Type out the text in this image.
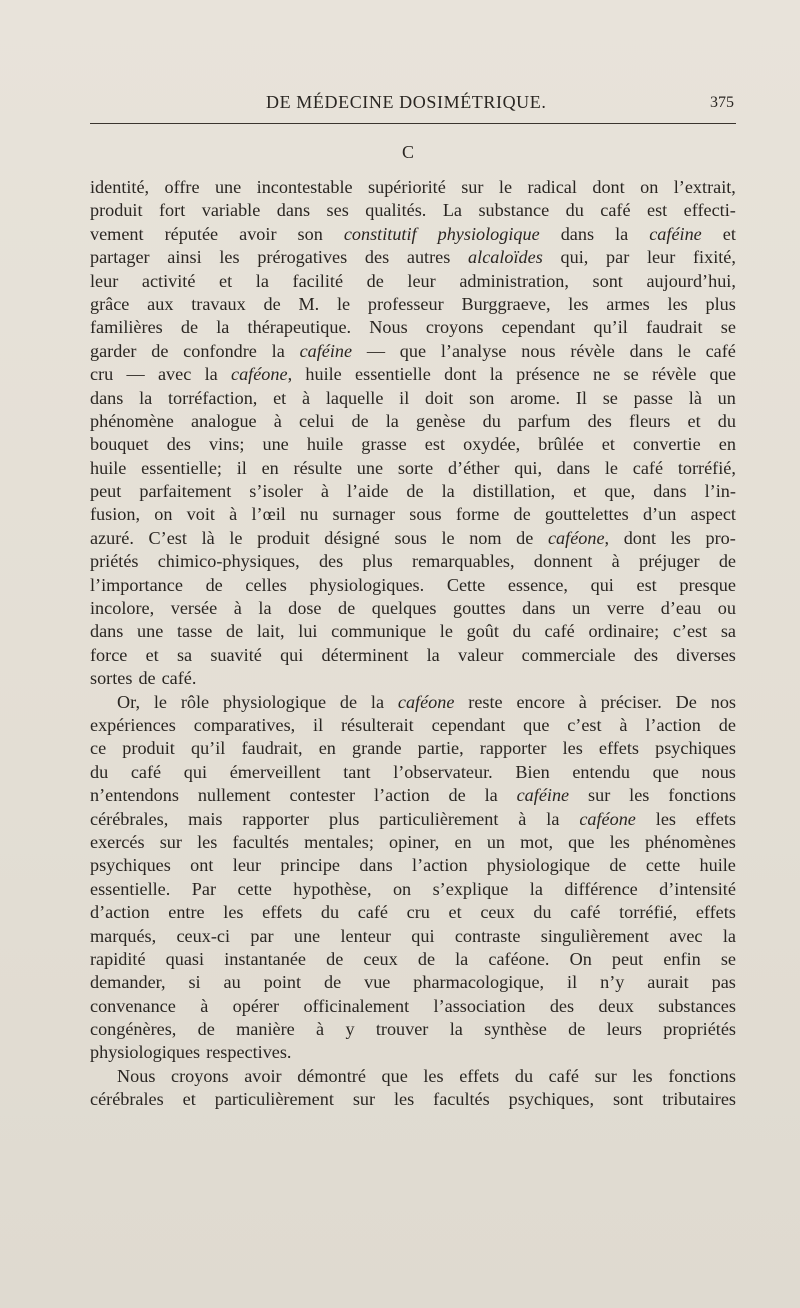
DE MÉDECINE DOSIMÉTRIQUE.	375
C
identité, offre une incontestable supériorité sur le radical dont on l’extrait,
produit fort variable dans ses qualités. La substance du café est effecti-
vement réputée avoir son constitutif physiologique dans la caféine et
partager ainsi les prérogatives des autres alcaloïdes qui, par leur fixité,
leur activité et la facilité de leur administration, sont aujourd’hui,
grâce aux travaux de M. le professeur Burggraeve, les armes les plus
familières de la thérapeutique. Nous croyons cependant qu’il faudrait se
garder de confondre la caféine — que l’analyse nous révèle dans le café
cru — avec la caféone, huile essentielle dont la présence ne se révèle que
dans la torréfaction, et à laquelle il doit son arome. Il se passe là un
phénomène analogue à celui de la genèse du parfum des fleurs et du
bouquet des vins; une huile grasse est oxydée, brûlée et convertie en
huile essentielle; il en résulte une sorte d’éther qui, dans le café torréfié,
peut parfaitement s’isoler à l’aide de la distillation, et que, dans l’in-
fusion, on voit à l’œil nu surnager sous forme de gouttelettes d’un aspect
azuré. C’est là le produit désigné sous le nom de caféone, dont les pro-
priétés chimico-physiques, des plus remarquables, donnent à préjuger de
l’importance de celles physiologiques. Cette essence, qui est presque
incolore, versée à la dose de quelques gouttes dans un verre d’eau ou
dans une tasse de lait, lui communique le goût du café ordinaire; c’est sa
force et sa suavité qui déterminent la valeur commerciale des diverses
sortes de café.
Or, le rôle physiologique de la caféone reste encore à préciser. De nos
expériences comparatives, il résulterait cependant que c’est à l’action de
ce produit qu’il faudrait, en grande partie, rapporter les effets psychiques
du café qui émerveillent tant l’observateur. Bien entendu que nous
n’entendons nullement contester l’action de la caféine sur les fonctions
cérébrales, mais rapporter plus particulièrement à la caféone les effets
exercés sur les facultés mentales; opiner, en un mot, que les phénomènes
psychiques ont leur principe dans l’action physiologique de cette huile
essentielle. Par cette hypothèse, on s’explique la différence d’intensité
d’action entre les effets du café cru et ceux du café torréfié, effets
marqués, ceux-ci par une lenteur qui contraste singulièrement avec la
rapidité quasi instantanée de ceux de la caféone. On peut enfin se
demander, si au point de vue pharmacologique, il n’y aurait pas
convenance à opérer officinalement l’association des deux substances
congénères, de manière à y trouver la synthèse de leurs propriétés
physiologiques respectives.
Nous croyons avoir démontré que les effets du café sur les fonctions
cérébrales et particulièrement sur les facultés psychiques, sont tributaires
